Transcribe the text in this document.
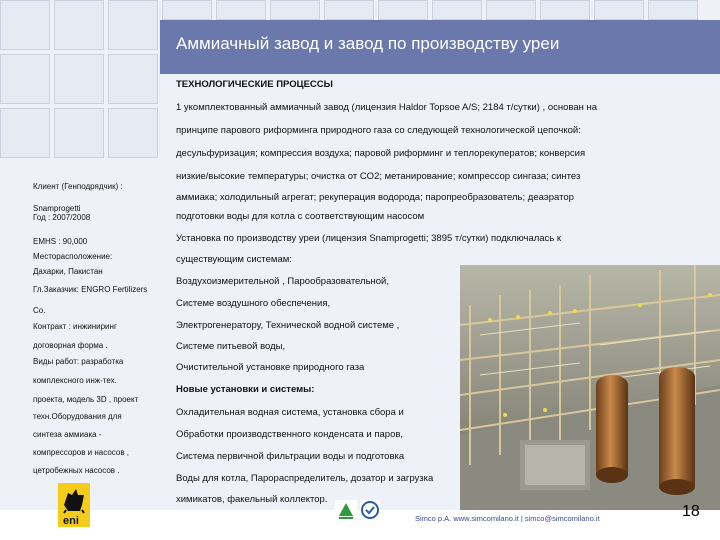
Аммиачный завод и завод по производству уреи
ТЕХНОЛОГИЧЕСКИЕ ПРОЦЕССЫ
1 укомплектованный аммиачный завод (лицензия Haldor Topsoe A/S; 2184 т/сутки) , основан на
принципе парового риформинга природного газа со следующей технологической цепочкой:
десульфуризация; компрессия воздуха; паровой риформинг и теплорекуператов; конверсия
низкие/высокие температуры; очистка от CO2; метанирование; компрессор сингаза; синтез
аммиака; холодильный агрегат; рекуперация водорода; паропреобразователь; деаэратор
подготовки воды для котла с соответствующим насосом
Установка по производству уреи (лицензия Snamprogetti; 3895 т/сутки) подключалась к
существующим системам:
Воздухоизмерительной , Парообразовательной,
Системе воздушного обеспечения,
Электрогенератору, Технической водной системе ,
Системе питьевой воды,
Очистительной установке природного газа
Новые установки и системы:
Охладительная водная система, установка сбора и
Обработки производственного конденсата и паров,
Система первичной фильтрации воды и подготовка
Воды для котла, Парораспределитель, дозатор и загрузка
химикатов, факельный коллектор.
Клиент (Генподрядчик) :
Snamprogetti
Год : 2007/2008
EMHS : 90,000
Месторасположение:
Дахарки, Пакистан
Гл.Заказчик: ENGRO Fertilizers
Co.
Контракт : инжиниринг
договорная форма .
Виды работ: разработка
комплексного инж-тех.
проекта, модель 3D , проект
техн.Оборудования для
синтеза аммиака -
компрессоров и насосов ,
цетробежных насосов .
eni	Simco p.A. www.simcomilano.it | simco@simcomilano.it	18
